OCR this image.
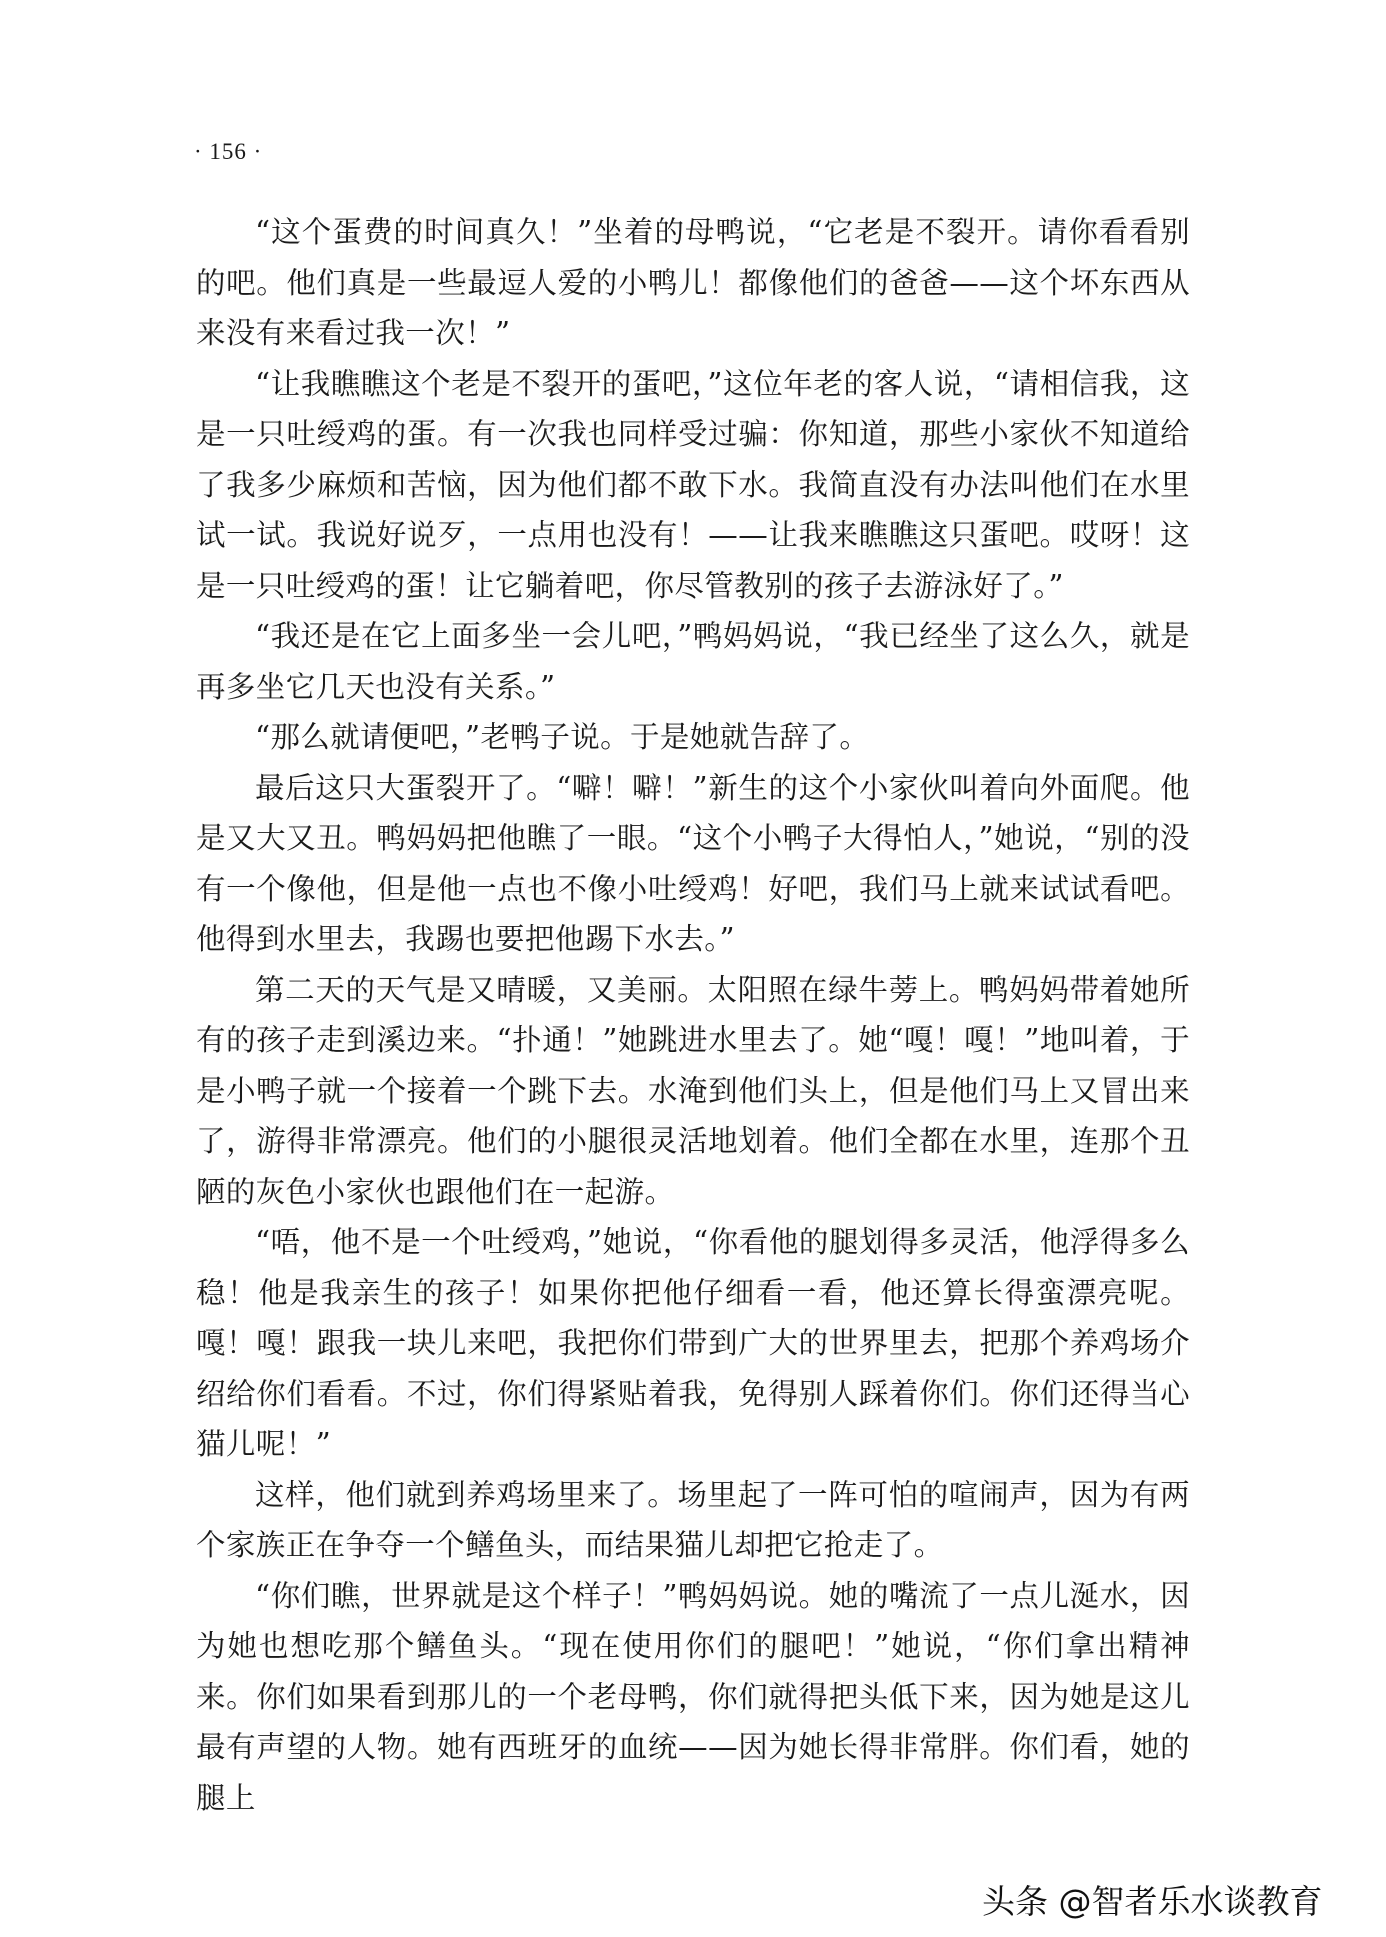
· 156 ·

“这个蛋费的时间真久！”坐着的母鸭说，“它老是不裂开。请你看看别的吧。他们真是一些最逗人爱的小鸭儿！都像他们的爸爸——这个坏东西从来没有来看过我一次！”

“让我瞧瞧这个老是不裂开的蛋吧，”这位年老的客人说，“请相信我，这是一只吐绶鸡的蛋。有一次我也同样受过骗：你知道，那些小家伙不知道给了我多少麻烦和苦恼，因为他们都不敢下水。我简直没有办法叫他们在水里试一试。我说好说歹，一点用也没有！——让我来瞧瞧这只蛋吧。哎呀！这是一只吐绶鸡的蛋！让它躺着吧，你尽管教别的孩子去游泳好了。”

“我还是在它上面多坐一会儿吧，”鸭妈妈说，“我已经坐了这么久，就是再多坐它几天也没有关系。”

“那么就请便吧，”老鸭子说。于是她就告辞了。

最后这只大蛋裂开了。“噼！噼！”新生的这个小家伙叫着向外面爬。他是又大又丑。鸭妈妈把他瞧了一眼。“这个小鸭子大得怕人，”她说，“别的没有一个像他，但是他一点也不像小吐绶鸡！好吧，我们马上就来试试看吧。他得到水里去，我踢也要把他踢下水去。”

第二天的天气是又晴暖，又美丽。太阳照在绿牛蒡上。鸭妈妈带着她所有的孩子走到溪边来。“扑通！”她跳进水里去了。她“嘎！嘎！”地叫着，于是小鸭子就一个接着一个跳下去。水淹到他们头上，但是他们马上又冒出来了，游得非常漂亮。他们的小腿很灵活地划着。他们全都在水里，连那个丑陋的灰色小家伙也跟他们在一起游。

“唔，他不是一个吐绶鸡，”她说，“你看他的腿划得多灵活，他浮得多么稳！他是我亲生的孩子！如果你把他仔细看一看，他还算长得蛮漂亮呢。嘎！嘎！跟我一块儿来吧，我把你们带到广大的世界里去，把那个养鸡场介绍给你们看看。不过，你们得紧贴着我，免得别人踩着你们。你们还得当心猫儿呢！”

这样，他们就到养鸡场里来了。场里起了一阵可怕的喧闹声，因为有两个家族正在争夺一个鳝鱼头，而结果猫儿却把它抢走了。

“你们瞧，世界就是这个样子！”鸭妈妈说。她的嘴流了一点儿涎水，因为她也想吃那个鳝鱼头。“现在使用你们的腿吧！”她说，“你们拿出精神来。你们如果看到那儿的一个老母鸭，你们就得把头低下来，因为她是这儿最有声望的人物。她有西班牙的血统——因为她长得非常胖。你们看，她的腿上

头条 @智者乐水谈教育
